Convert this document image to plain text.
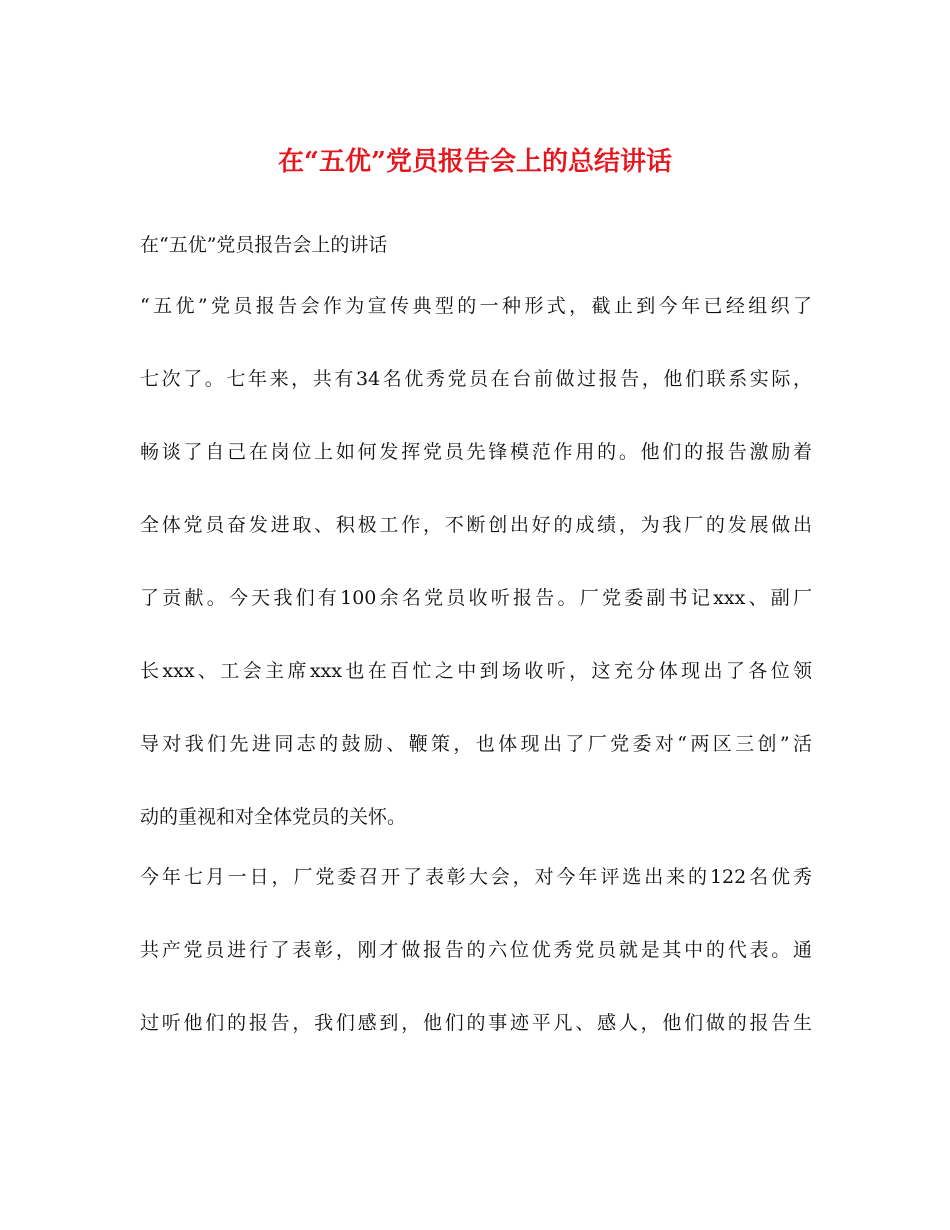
在“五优”党员报告会上的总结讲话
在“五优”党员报告会上的讲话
“五优”党员报告会作为宣传典型的一种形式，截止到今年已经组织了
七次了。七年来，共有34名优秀党员在台前做过报告，他们联系实际，
畅谈了自己在岗位上如何发挥党员先锋模范作用的。他们的报告激励着
全体党员奋发进取、积极工作，不断创出好的成绩，为我厂的发展做出
了贡献。今天我们有100余名党员收听报告。厂党委副书记xxx、副厂
长xxx、工会主席xxx也在百忙之中到场收听，这充分体现出了各位领
导对我们先进同志的鼓励、鞭策，也体现出了厂党委对“两区三创”活
动的重视和对全体党员的关怀。
今年七月一日，厂党委召开了表彰大会，对今年评选出来的122名优秀
共产党员进行了表彰，刚才做报告的六位优秀党员就是其中的代表。通
过听他们的报告，我们感到，他们的事迹平凡、感人，他们做的报告生
